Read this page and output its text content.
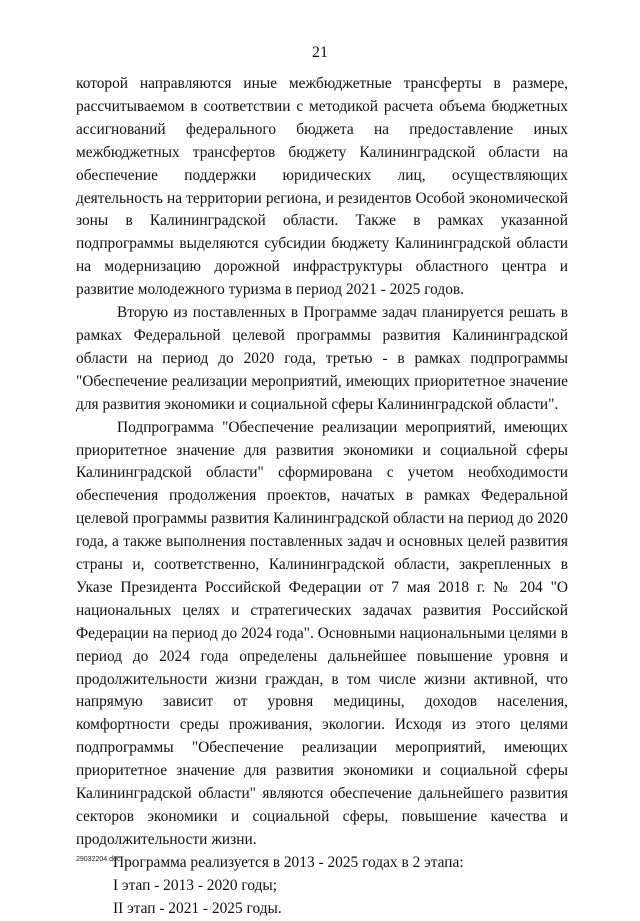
21

которой направляются иные межбюджетные трансферты в размере, рассчитываемом в соответствии с методикой расчета объема бюджетных ассигнований федерального бюджета на предоставление иных межбюджетных трансфертов бюджету Калининградской области на обеспечение поддержки юридических лиц, осуществляющих деятельность на территории региона, и резидентов Особой экономической зоны в Калининградской области. Также в рамках указанной подпрограммы выделяются субсидии бюджету Калининградской области на модернизацию дорожной инфраструктуры областного центра и развитие молодежного туризма в период 2021 - 2025 годов.

Вторую из поставленных в Программе задач планируется решать в рамках Федеральной целевой программы развития Калининградской области на период до 2020 года, третью - в рамках подпрограммы "Обеспечение реализации мероприятий, имеющих приоритетное значение для развития экономики и социальной сферы Калининградской области".

Подпрограмма "Обеспечение реализации мероприятий, имеющих приоритетное значение для развития экономики и социальной сферы Калининградской области" сформирована с учетом необходимости обеспечения продолжения проектов, начатых в рамках Федеральной целевой программы развития Калининградской области на период до 2020 года, а также выполнения поставленных задач и основных целей развития страны и, соответственно, Калининградской области, закрепленных в Указе Президента Российской Федерации от 7 мая 2018 г. № 204 "О национальных целях и стратегических задачах развития Российской Федерации на период до 2024 года". Основными национальными целями в период до 2024 года определены дальнейшее повышение уровня и продолжительности жизни граждан, в том числе жизни активной, что напрямую зависит от уровня медицины, доходов населения, комфортности среды проживания, экологии. Исходя из этого целями подпрограммы "Обеспечение реализации мероприятий, имеющих приоритетное значение для развития экономики и социальной сферы Калининградской области" являются обеспечение дальнейшего развития секторов экономики и социальной сферы, повышение качества и продолжительности жизни.

Программа реализуется в 2013 - 2025 годах в 2 этапа:

I этап - 2013 - 2020 годы;

II этап - 2021 - 2025 годы.

29032204.doc
